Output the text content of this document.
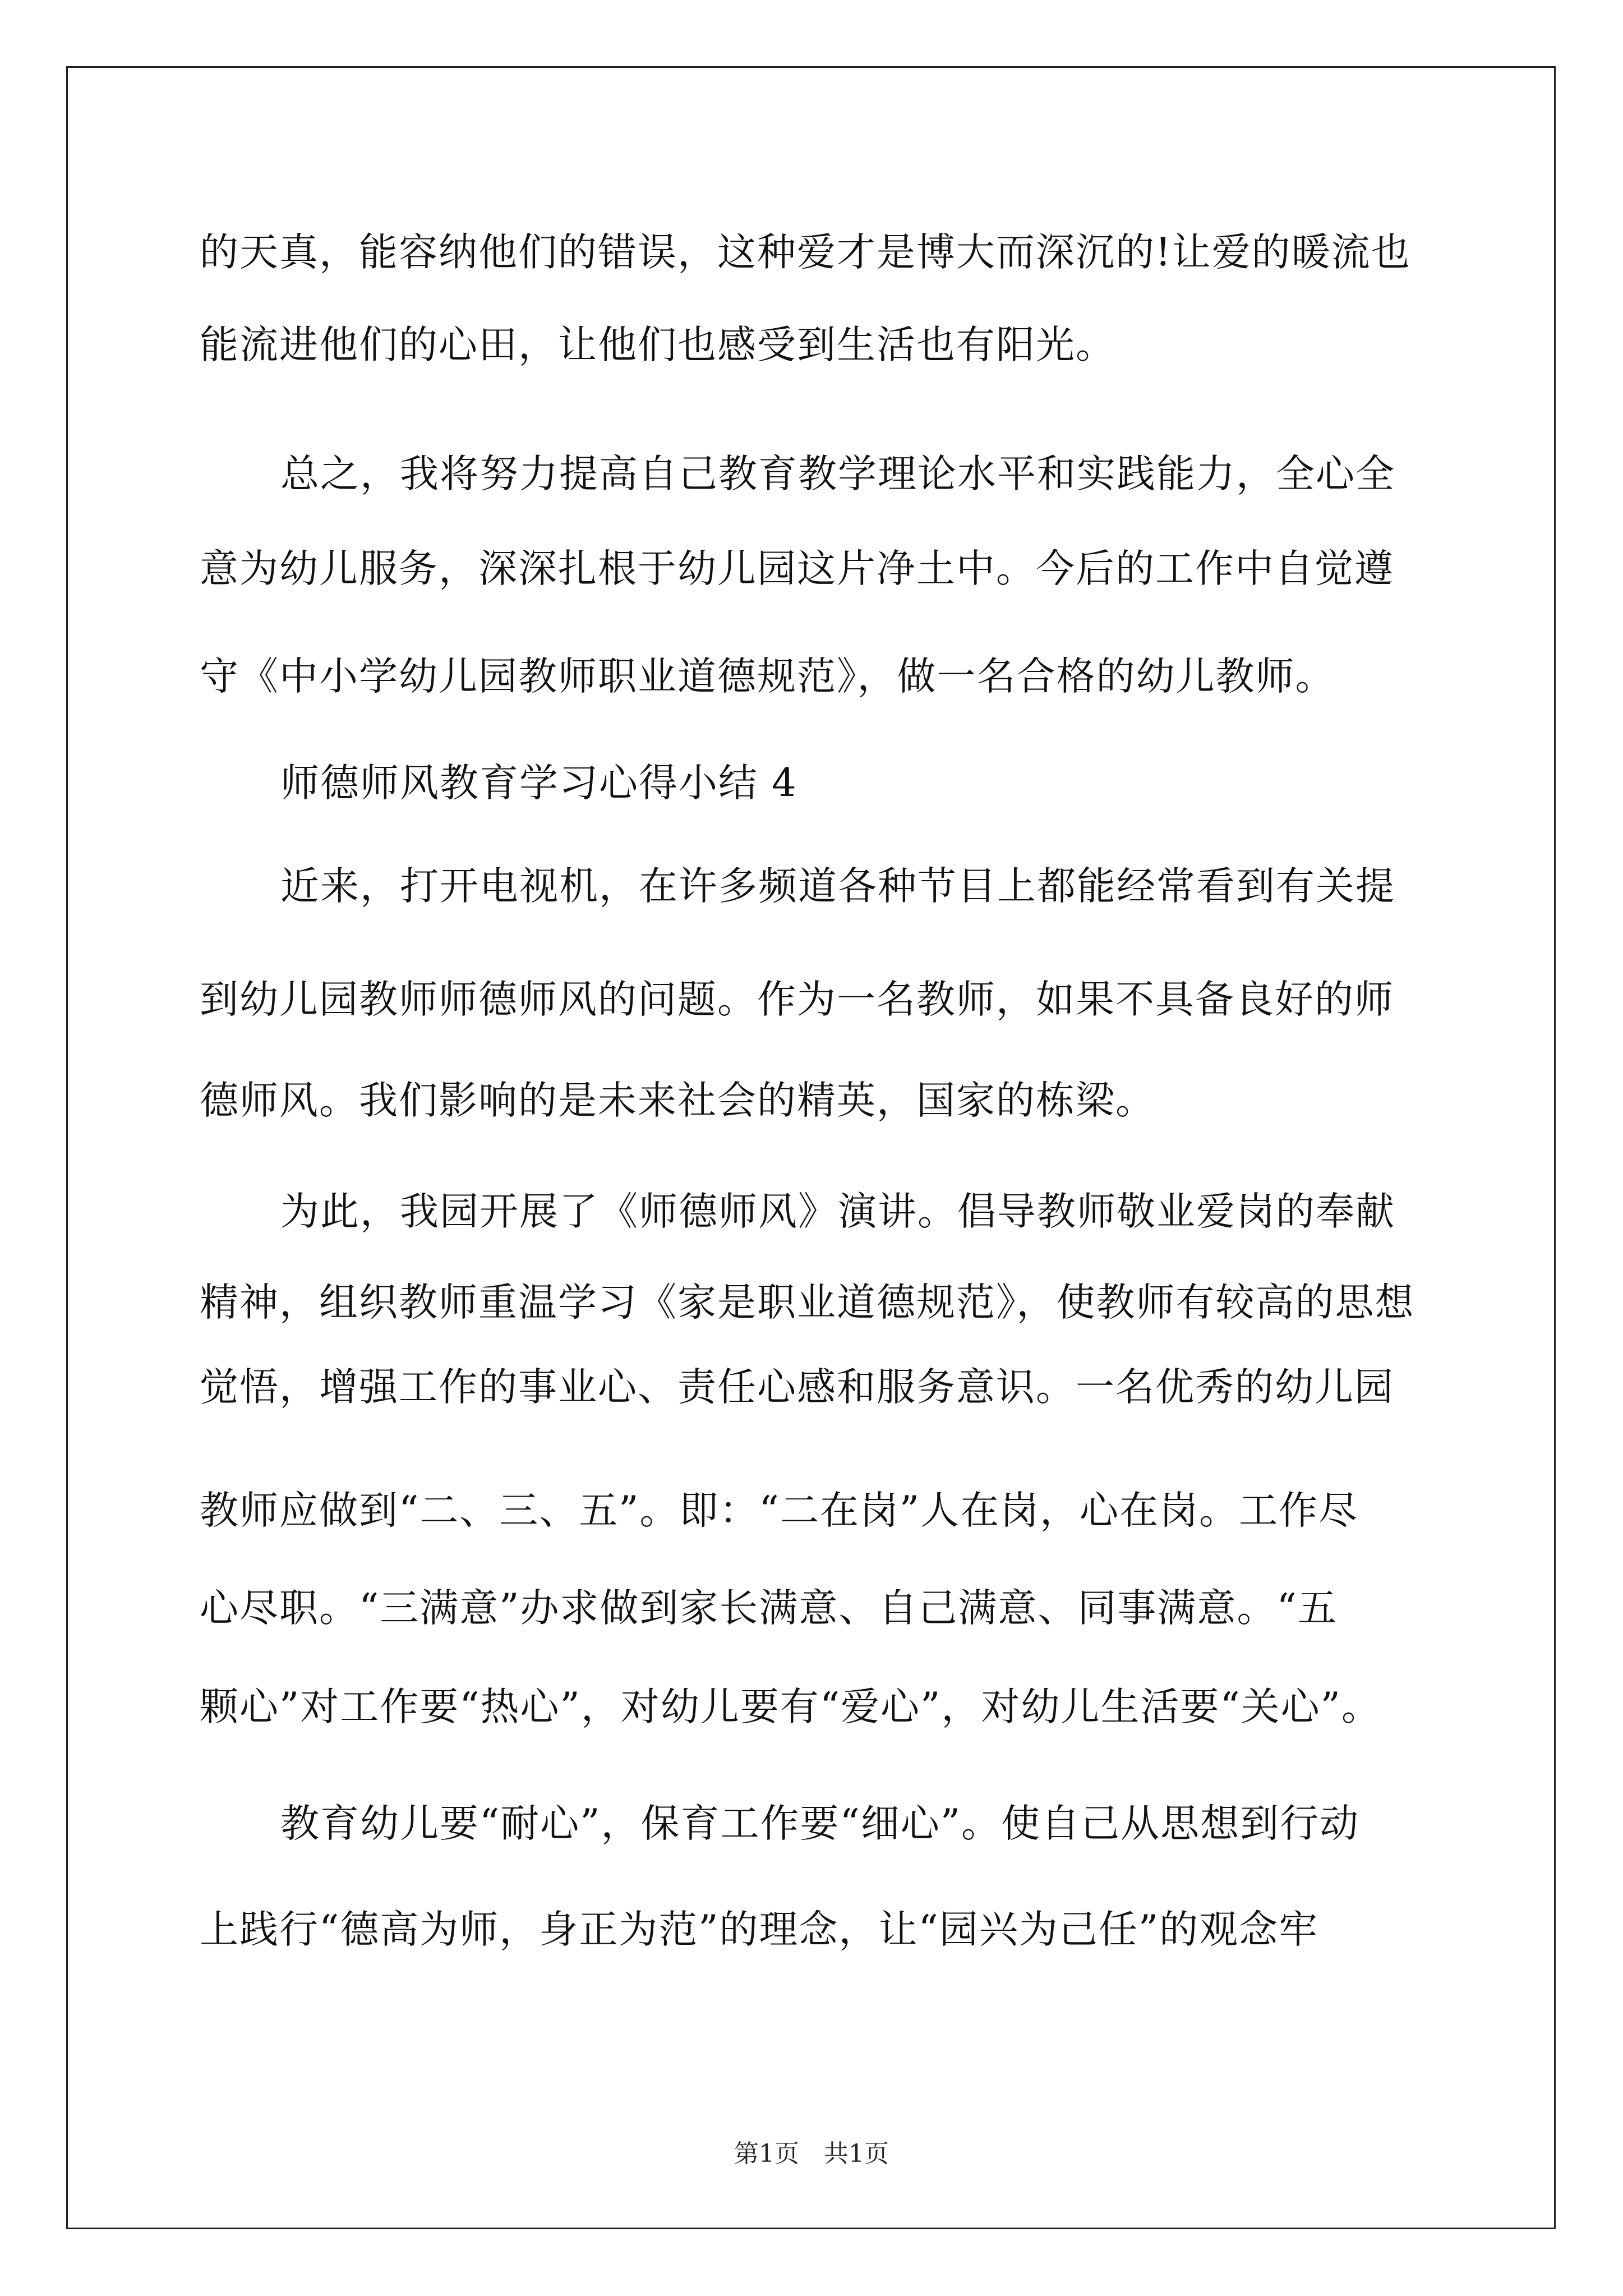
的天真，能容纳他们的错误，这种爱才是博大而深沉的!让爱的暖流也
能流进他们的心田，让他们也感受到生活也有阳光。
总之，我将努力提高自己教育教学理论水平和实践能力，全心全
意为幼儿服务，深深扎根于幼儿园这片净土中。今后的工作中自觉遵
守《中小学幼儿园教师职业道德规范》，做一名合格的幼儿教师。
师德师风教育学习心得小结 4
近来，打开电视机，在许多频道各种节目上都能经常看到有关提
到幼儿园教师师德师风的问题。作为一名教师，如果不具备良好的师
德师风。我们影响的是未来社会的精英，国家的栋梁。
为此，我园开展了《师德师风》演讲。倡导教师敬业爱岗的奉献
精神，组织教师重温学习《家是职业道德规范》，使教师有较高的思想
觉悟，增强工作的事业心、责任心感和服务意识。一名优秀的幼儿园
教师应做到“二、三、五”。即：“二在岗”人在岗，心在岗。工作尽
心尽职。“三满意”办求做到家长满意、自己满意、同事满意。“五
颗心”对工作要“热心”，对幼儿要有“爱心”，对幼儿生活要“关心”。
教育幼儿要“耐心”，保育工作要“细心”。使自己从思想到行动
上践行“德高为师，身正为范”的理念，让“园兴为己任”的观念牢
第1页　共1页
